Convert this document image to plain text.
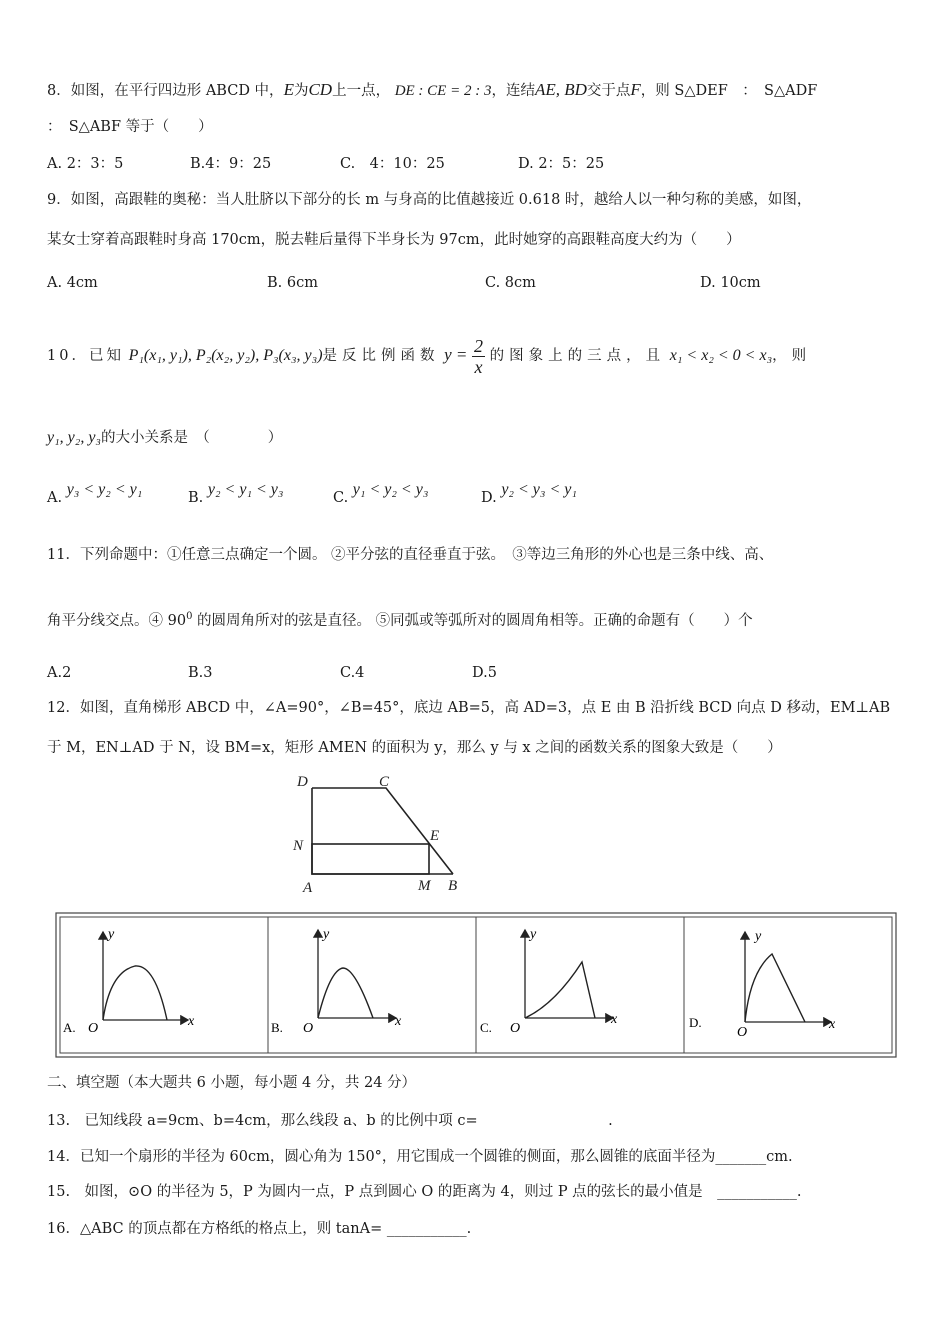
8．如图，在平行四边形 ABCD 中，E为CD上一点， DE : CE = 2 : 3，连结AE, BD交于点F，则 S△DEF　：　S△ADF
：　S△ABF 等于（　　）
A. 2：3：5	B.4：9：25	C.　4：10：25	D. 2：5：25
9．如图，高跟鞋的奥秘：当人肚脐以下部分的长 m 与身高的比值越接近 0.618 时，越给人以一种匀称的美感，如图，
某女士穿着高跟鞋时身高 170cm，脱去鞋后量得下半身长为 97cm，此时她穿的高跟鞋高度大约为（　　）
A. 4cm	B. 6cm	C. 8cm	D. 10cm
10．已知 P₁(x₁, y₁), P₂(x₂, y₂), P₃(x₃, y₃)是反比例函数 $y = \frac{2}{x}$ 的图象上的三点，且 x₁ < x₂ < 0 < x₃，则
y₁, y₂, y₃的大小关系是　（　　　　）
A. y₃ < y₂ < y₁	B. y₂ < y₁ < y₃	C. y₁ < y₂ < y₃	D. y₂ < y₃ < y₁
11．下列命题中：①任意三点确定一个圆。 ②平分弦的直径垂直于弦。　③等边三角形的外心也是三条中线、高、
角平分线交点。④ $90^0$ 的圆周角所对的弦是直径。 ⑤同弧或等弧所对的圆周角相等。正确的命题有（　　）个
A.2	B.3	C.4	D.5
12．如图，直角梯形 ABCD 中，∠A=90°，∠B=45°，底边 AB=5，高 AD=3，点 E 由 B 沿折线 BCD 向点 D 移动，EM⊥AB
于 M，EN⊥AD 于 N，设 BM=x，矩形 AMEN 的面积为 y，那么 y 与 x 之间的函数关系的图象大致是（　　）
D	C
N
E
A	M B
y
x
O
A.
y
x
O
B.
y
x
O
C.
y
x
O
D.
二、填空题（本大题共 6 小题，每小题 4 分，共 24 分）
13.　已知线段 a=9cm、b=4cm，那么线段 a、b 的比例中项 c=　　　　　　　　　.
14．已知一个扇形的半径为 60cm，圆心角为 150°，用它围成一个圆锥的侧面，那么圆锥的底面半径为_______cm.
15.　如图，⊙O 的半径为 5，P 为圆内一点，P 点到圆心 O 的距离为 4，则过 P 点的弦长的最小值是　___________.
16．△ABC 的顶点都在方格纸的格点上，则 tanA= ___________.
